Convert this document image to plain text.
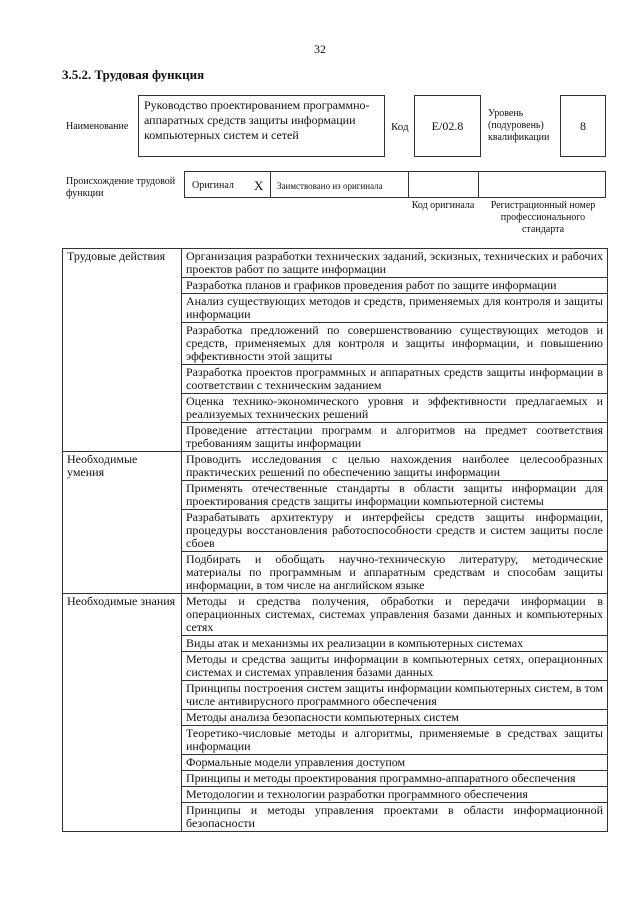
32
3.5.2. Трудовая функция
Наименование
Руководство проектированием программно-аппаратных средств защиты информации компьютерных систем и сетей
Код E/02.8
Уровень (подуровень) квалификации
8
Происхождение трудовой функции
Оригинал X Заимствовано из оригинала
Код оригинала	Регистрационный номер профессионального стандарта
Трудовые действия	Организация разработки технических заданий, эскизных, технических и рабочих проектов работ по защите информации
	Разработка планов и графиков проведения работ по защите информации
	Анализ существующих методов и средств, применяемых для контроля и защиты информации
	Разработка предложений по совершенствованию существующих методов и средств, применяемых для контроля и защиты информации, и повышению эффективности этой защиты
	Разработка проектов программных и аппаратных средств защиты информации в соответствии с техническим заданием
	Оценка технико-экономического уровня и эффективности предлагаемых и реализуемых технических решений
	Проведение аттестации программ и алгоритмов на предмет соответствия требованиям защиты информации
Необходимые умения	Проводить исследования с целью нахождения наиболее целесообразных практических решений по обеспечению защиты информации
	Применять отечественные стандарты в области защиты информации для проектирования средств защиты информации компьютерной системы
	Разрабатывать архитектуру и интерфейсы средств защиты информации, процедуры восстановления работоспособности средств и систем защиты после сбоев
	Подбирать и обобщать научно-техническую литературу, методические материалы по программным и аппаратным средствам и способам защиты информации, в том числе на английском языке
Необходимые знания	Методы и средства получения, обработки и передачи информации в операционных системах, системах управления базами данных и компьютерных сетях
	Виды атак и механизмы их реализации в компьютерных системах
	Методы и средства защиты информации в компьютерных сетях, операционных системах и системах управления базами данных
	Принципы построения систем защиты информации компьютерных систем, в том числе антивирусного программного обеспечения
	Методы анализа безопасности компьютерных систем
	Теоретико-числовые методы и алгоритмы, применяемые в средствах защиты информации
	Формальные модели управления доступом
	Принципы и методы проектирования программно-аппаратного обеспечения
	Методологии и технологии разработки программного обеспечения
	Принципы и методы управления проектами в области информационной безопасности
